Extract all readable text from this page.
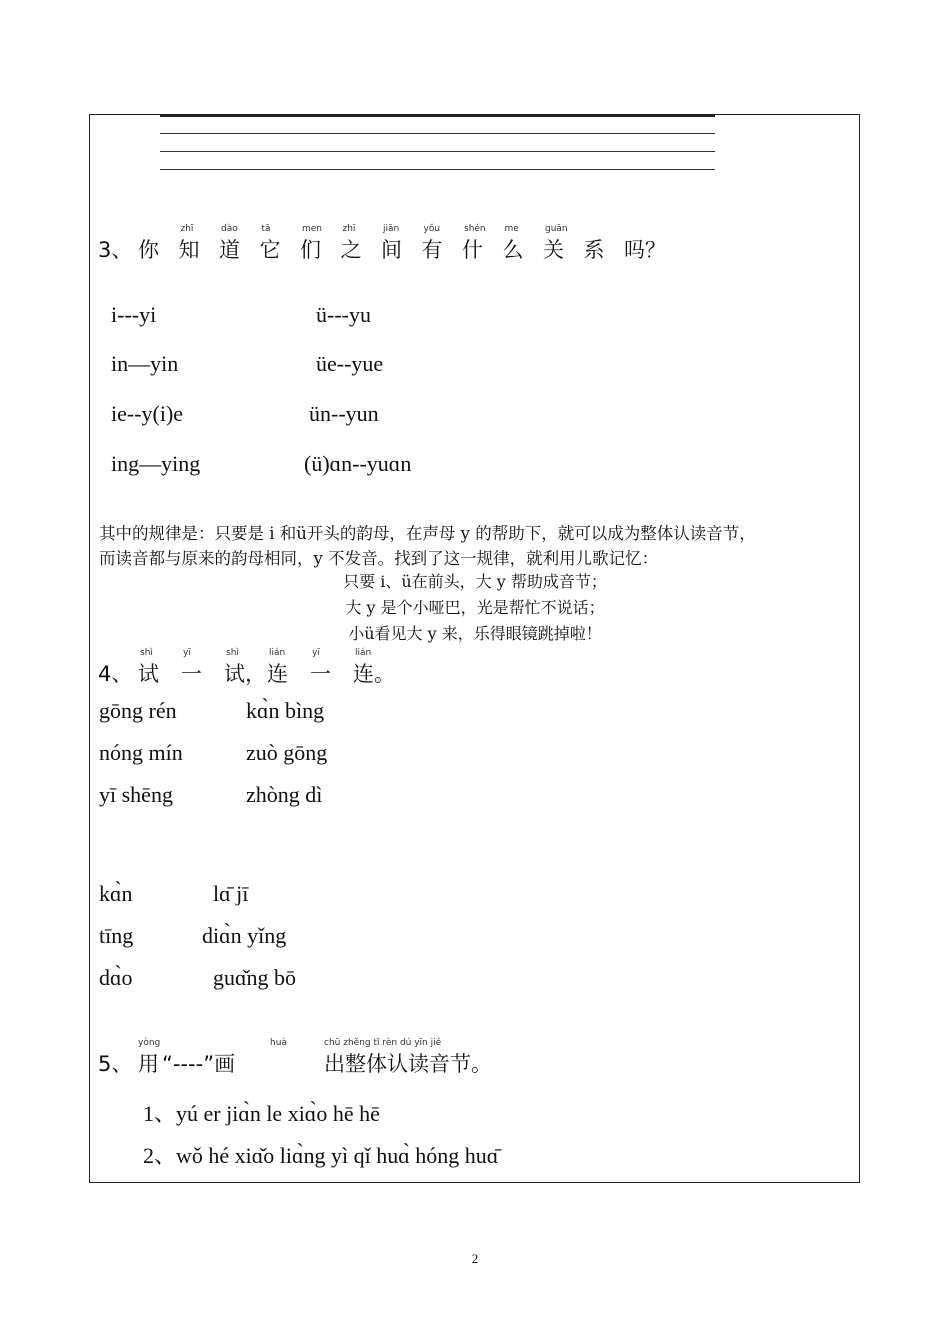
3、 你
zhī
知
dào
道
tā
它
men
们
zhī
之
jiān
间
yǒu
有
shén
什
me
么
guān
关 系 吗？
i---yi	ü---yu
in—yin	üe--yue
ie--y(i)e	ün--yun
ing—ying	(ü)ɑn--yuɑn
其中的规律是：只要是 i 和ü开头的韵母，在声母 y 的帮助下，就可以成为整体认读音节，
而读音都与原来的韵母相同，y 不发音。找到了这一规律，就利用儿歌记忆：
只要 i、ü在前头，大 y 帮助成音节；
大 y 是个小哑巴，光是帮忙不说话；
小ü看见大 y 来，乐得眼镜跳掉啦！
4、
shì
试
yī
一
shì
试，
lián
连
yī
一
lián
连。
gōng rén	kɑ̀n bìng
nóng mín	zuò gōng
yī shēng	zhòng dì
kɑ̀n	lɑ̄ jī
tīng	diɑ̀n yǐng
dɑ̀o	guɑ̌ng bō
5、
yòng
用 “----”画
huà	chū zhěng tǐ rèn dú yīn jié
出整体认读音节。
1、yú er jiɑ̀n le xiɑ̀o hē hē
2、wǒ hé xiɑ̌o liɑ̀ng yì qǐ huɑ̀ hóng huɑ̄
2
